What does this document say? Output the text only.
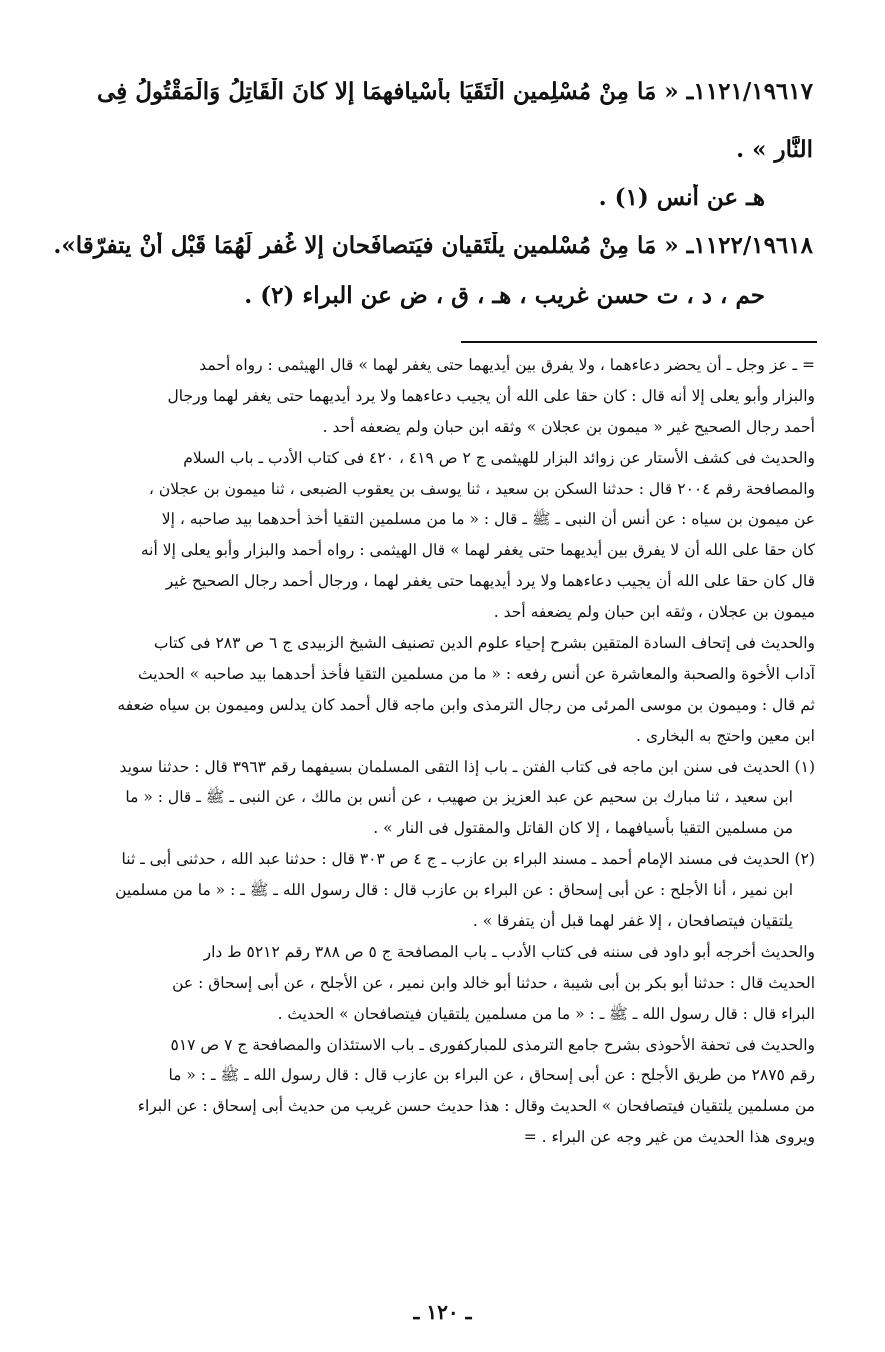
١١٢١/١٩٦١٧ـ « مَا مِنْ مُسْلِمين الْتَقَيَا بأَسْيافهمَا إلا كانَ الْقَاتِلُ وَالْمَقْتُولُ فِى
النَّارِ » .
هـ عن أنس (١) .
١١٢٢/١٩٦١٨ـ « مَا مِنْ مُسْلمين يلْتَقيان فيَتصافَحان إلا غُفر لَهُمَا قَبْل أنْ يتفرّقا».
حم ، د ، ت حسن غريب ، هـ ، ق ، ض عن البراء (٢) .
= ـ عز وجل ـ أن يحضر دعاءهما ، ولا يفرق بين أيديهما حتى يغفر لهما » قال الهيثمى : رواه أحمد
والبزار وأبو يعلى إلا أنه قال : كان حقا على الله أن يجيب دعاءهما ولا يرد أيديهما حتى يغفر لهما ورجال
أحمد رجال الصحيح غير « ميمون بن عجلان » وثقه ابن حبان ولم يضعفه أحد .
والحديث فى كشف الأستار عن زوائد البزار للهيثمى ج ٢ ص ٤١٩ ، ٤٢٠ فى كتاب الأدب ـ باب السلام
والمصافحة رقم ٢٠٠٤ قال : حدثنا السكن بن سعيد ، ثنا يوسف بن يعقوب الضبعى ، ثنا ميمون بن عجلان ،
عن ميمون بن سياه : عن أنس أن النبى ـ ﷺ ـ قال : « ما من مسلمين التقيا أخذ أحدهما بيد صاحبه ، إلا
كان حقا على الله أن لا يفرق بين أيديهما حتى يغفر لهما » قال الهيثمى : رواه أحمد والبزار وأبو يعلى إلا أنه
قال كان حقا على الله أن يجيب دعاءهما ولا يرد أيديهما حتى يغفر لهما ، ورجال أحمد رجال الصحيح غير
ميمون بن عجلان ، وثقه ابن حبان ولم يضعفه أحد .
والحديث فى إتحاف السادة المتقين بشرح إحياء علوم الدين تصنيف الشيخ الزبيدى ج ٦ ص ٢٨٣ فى كتاب
آداب الأخوة والصحبة والمعاشرة عن أنس رفعه : « ما من مسلمين التقيا فأخذ أحدهما بيد صاحبه » الحديث
ثم قال : وميمون بن موسى المرئى من رجال الترمذى وابن ماجه قال أحمد كان يدلس وميمون بن سياه ضعفه
ابن معين واحتج به البخارى .
(١) الحديث فى سنن ابن ماجه فى كتاب الفتن ـ باب إذا التقى المسلمان بسيفهما رقم ٣٩٦٣ قال : حدثنا سويد
ابن سعيد ، ثنا مبارك بن سحيم عن عبد العزيز بن صهيب ، عن أنس بن مالك ، عن النبى ـ ﷺ ـ قال : « ما
من مسلمين التقيا بأسيافهما ، إلا كان القاتل والمقتول فى النار » .
(٢) الحديث فى مسند الإمام أحمد ـ مسند البراء بن عازب ـ ج ٤ ص ٣٠٣ قال : حدثنا عبد الله ، حدثنى أبى ـ ثنا
ابن نمير ، أنا الأجلح : عن أبى إسحاق : عن البراء بن عازب قال : قال رسول الله ـ ﷺ ـ : « ما من مسلمين
يلتقيان فيتصافحان ، إلا غفر لهما قبل أن يتفرقا » .
والحديث أخرجه أبو داود فى سننه فى كتاب الأدب ـ باب المصافحة ج ٥ ص ٣٨٨ رقم ٥٢١٢ ط دار
الحديث قال : حدثنا أبو بكر بن أبى شيبة ، حدثنا أبو خالد وابن نمير ، عن الأجلح ، عن أبى إسحاق : عن
البراء قال : قال رسول الله ـ ﷺ ـ : « ما من مسلمين يلتقيان فيتصافحان » الحديث .
والحديث فى تحفة الأحوذى بشرح جامع الترمذى للمباركفورى ـ باب الاستئذان والمصافحة ج ٧ ص ٥١٧
رقم ٢٨٧٥ من طريق الأجلح : عن أبى إسحاق ، عن البراء بن عازب قال : قال رسول الله ـ ﷺ ـ : « ما
من مسلمين يلتقيان فيتصافحان » الحديث وقال : هذا حديث حسن غريب من حديث أبى إسحاق : عن البراء
ويروى هذا الحديث من غير وجه عن البراء . =
ـ ١٢٠ ـ
